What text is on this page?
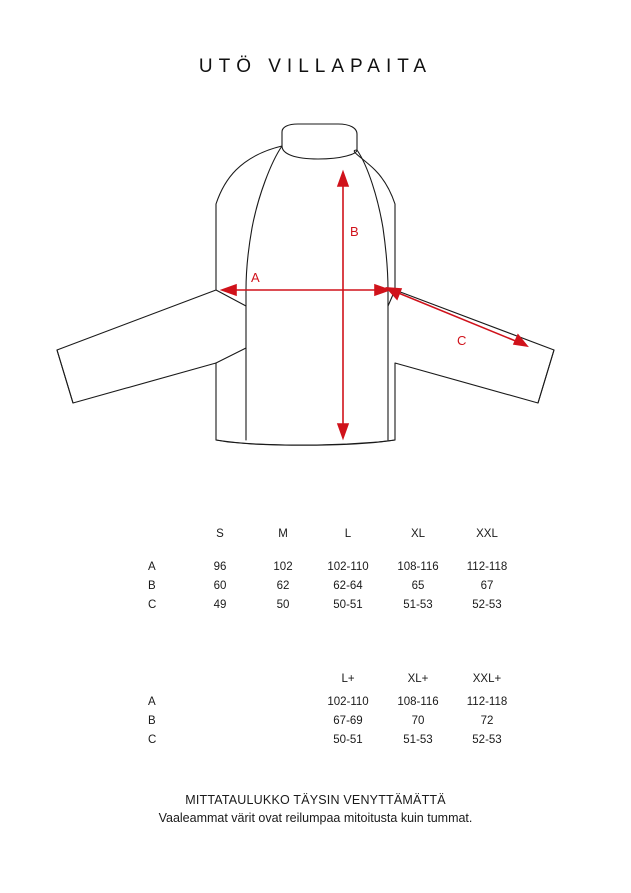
UTÖ VILLAPAITA
A
B
C
S	M	L	XL	XXL
A	96	102	102-110	108-116	112-118
B	60	62	62-64	65	67
C	49	50	50-51	51-53	52-53
L+	XL+	XXL+
A	102-110	108-116	112-118
B	67-69	70	72
C	50-51	51-53	52-53
MITTATAULUKKO TÄYSIN VENYTTÄMÄTTÄ
Vaaleammat värit ovat reilumpaa mitoitusta kuin tummat.
